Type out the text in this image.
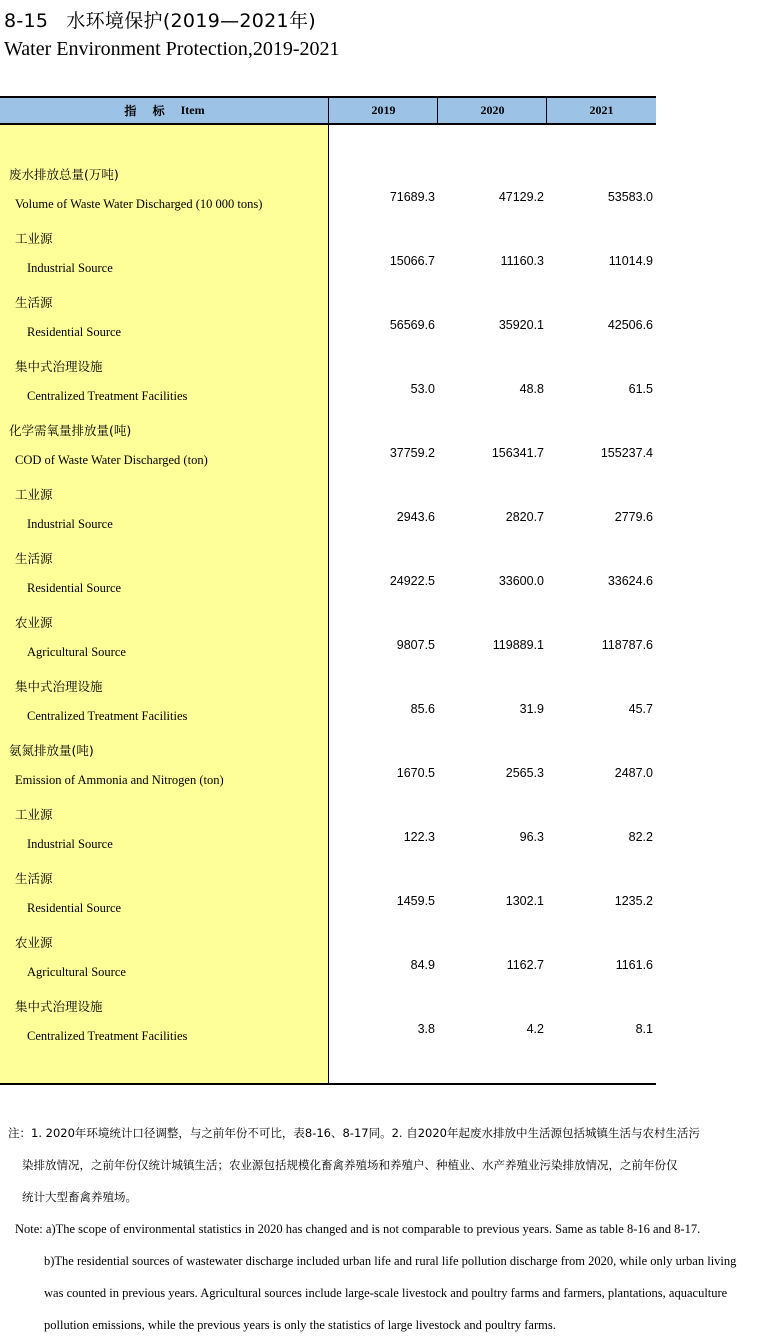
8-15 水环境保护(2019—2021年)
Water Environment Protection,2019-2021
指 标 Item	2019	2020	2021
废水排放总量(万吨)
Volume of Waste Water Discharged (10 000 tons)	71689.3	47129.2	53583.0
工业源
Industrial Source	15066.7	11160.3	11014.9
生活源
Residential Source	56569.6	35920.1	42506.6
集中式治理设施
Centralized Treatment Facilities	53.0	48.8	61.5
化学需氧量排放量(吨)
COD of Waste Water Discharged (ton)	37759.2	156341.7	155237.4
工业源
Industrial Source	2943.6	2820.7	2779.6
生活源
Residential Source	24922.5	33600.0	33624.6
农业源
Agricultural Source	9807.5	119889.1	118787.6
集中式治理设施
Centralized Treatment Facilities	85.6	31.9	45.7
氨氮排放量(吨)
Emission of Ammonia and Nitrogen (ton)	1670.5	2565.3	2487.0
工业源
Industrial Source	122.3	96.3	82.2
生活源
Residential Source	1459.5	1302.1	1235.2
农业源
Agricultural Source	84.9	1162.7	1161.6
集中式治理设施
Centralized Treatment Facilities	3.8	4.2	8.1
注：1. 2020年环境统计口径调整，与之前年份不可比，表8-16、8-17同。2. 自2020年起废水排放中生活源包括城镇生活与农村生活污
染排放情况，之前年份仅统计城镇生活；农业源包括规模化畜禽养殖场和养殖户、种植业、水产养殖业污染排放情况，之前年份仅
统计大型畜禽养殖场。
Note: a)The scope of environmental statistics in 2020 has changed and is not comparable to previous years. Same as table 8-16 and 8-17.
b)The residential sources of wastewater discharge included urban life and rural life pollution discharge from 2020, while only urban living
was counted in previous years. Agricultural sources include large-scale livestock and poultry farms and farmers, plantations, aquaculture
pollution emissions, while the previous years is only the statistics of large livestock and poultry farms.
